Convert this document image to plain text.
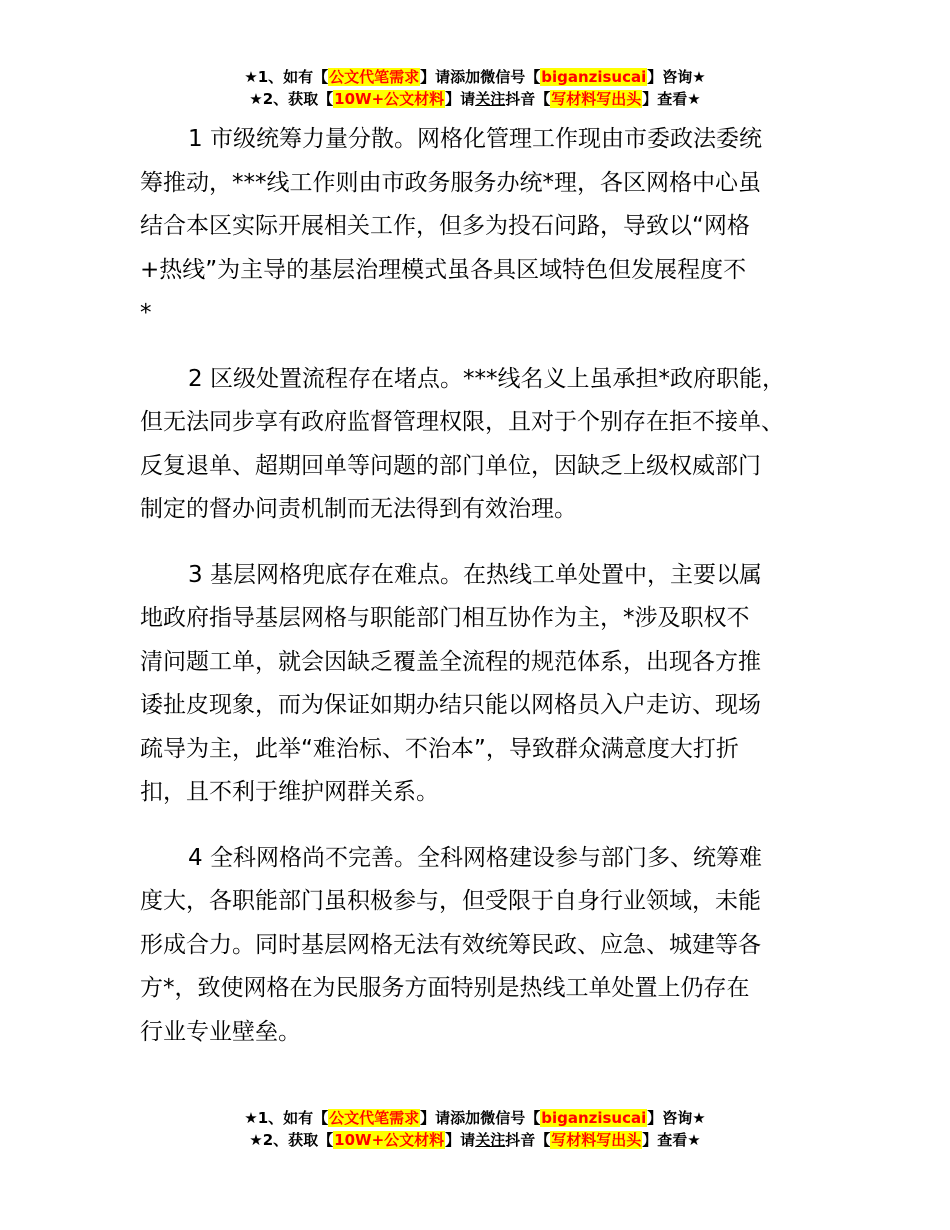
★1、如有【公文代笔需求】请添加微信号【biganzisucai】咨询★
★2、获取【10W+公文材料】请关注抖音【写材料写出头】查看★
1 市级统筹力量分散。网格化管理工作现由市委政法委统
筹推动，***线工作则由市政务服务办统*理，各区网格中心虽
结合本区实际开展相关工作，但多为投石问路，导致以“网格
+热线”为主导的基层治理模式虽各具区域特色但发展程度不
*
2 区级处置流程存在堵点。***线名义上虽承担*政府职能，
但无法同步享有政府监督管理权限，且对于个别存在拒不接单、
反复退单、超期回单等问题的部门单位，因缺乏上级权威部门
制定的督办问责机制而无法得到有效治理。
3 基层网格兜底存在难点。在热线工单处置中，主要以属
地政府指导基层网格与职能部门相互协作为主，*涉及职权不
清问题工单，就会因缺乏覆盖全流程的规范体系，出现各方推
诿扯皮现象，而为保证如期办结只能以网格员入户走访、现场
疏导为主，此举“难治标、不治本”，导致群众满意度大打折
扣，且不利于维护网群关系。
4 全科网格尚不完善。全科网格建设参与部门多、统筹难
度大，各职能部门虽积极参与，但受限于自身行业领域，未能
形成合力。同时基层网格无法有效统筹民政、应急、城建等各
方*，致使网格在为民服务方面特别是热线工单处置上仍存在
行业专业壁垒。
★1、如有【公文代笔需求】请添加微信号【biganzisucai】咨询★
★2、获取【10W+公文材料】请关注抖音【写材料写出头】查看★
